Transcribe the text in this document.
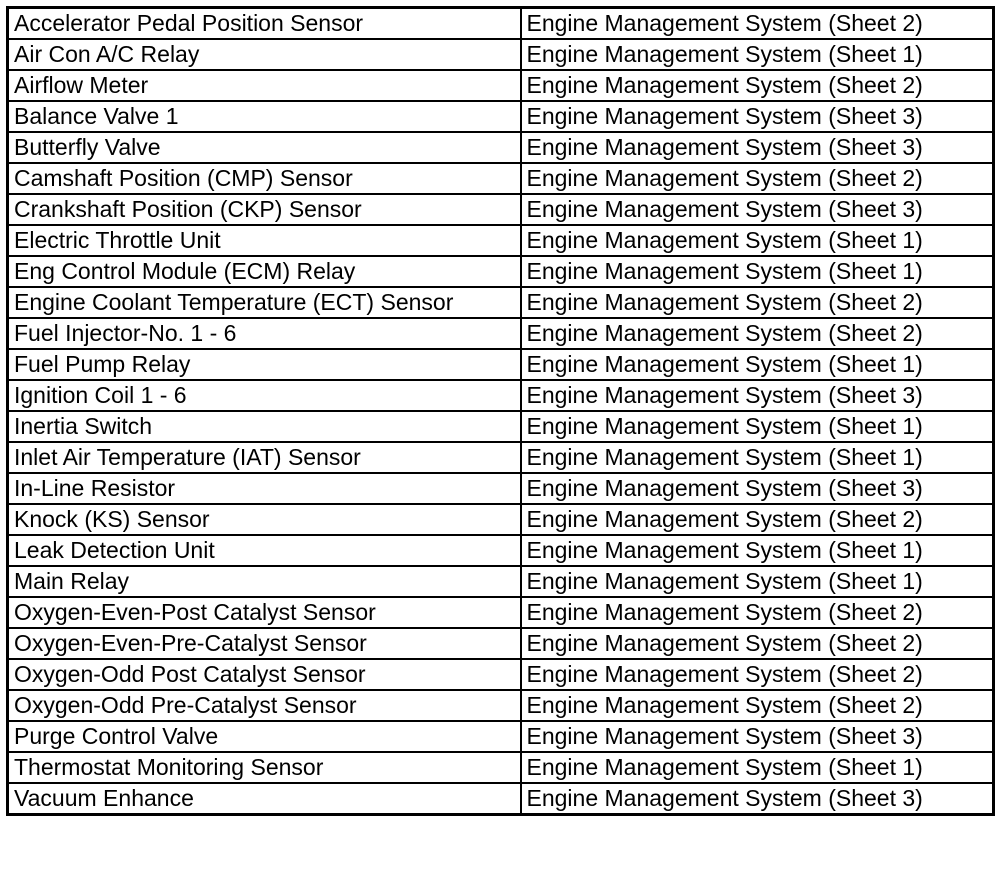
Accelerator Pedal Position Sensor	Engine Management System (Sheet 2)
Air Con A/C Relay	Engine Management System (Sheet 1)
Airflow Meter	Engine Management System (Sheet 2)
Balance Valve 1	Engine Management System (Sheet 3)
Butterfly Valve	Engine Management System (Sheet 3)
Camshaft Position (CMP) Sensor	Engine Management System (Sheet 2)
Crankshaft Position (CKP) Sensor	Engine Management System (Sheet 3)
Electric Throttle Unit	Engine Management System (Sheet 1)
Eng Control Module (ECM) Relay	Engine Management System (Sheet 1)
Engine Coolant Temperature (ECT) Sensor	Engine Management System (Sheet 2)
Fuel Injector-No. 1 - 6	Engine Management System (Sheet 2)
Fuel Pump Relay	Engine Management System (Sheet 1)
Ignition Coil 1 - 6	Engine Management System (Sheet 3)
Inertia Switch	Engine Management System (Sheet 1)
Inlet Air Temperature (IAT) Sensor	Engine Management System (Sheet 1)
In-Line Resistor	Engine Management System (Sheet 3)
Knock (KS) Sensor	Engine Management System (Sheet 2)
Leak Detection Unit	Engine Management System (Sheet 1)
Main Relay	Engine Management System (Sheet 1)
Oxygen-Even-Post Catalyst Sensor	Engine Management System (Sheet 2)
Oxygen-Even-Pre-Catalyst Sensor	Engine Management System (Sheet 2)
Oxygen-Odd Post Catalyst Sensor	Engine Management System (Sheet 2)
Oxygen-Odd Pre-Catalyst Sensor	Engine Management System (Sheet 2)
Purge Control Valve	Engine Management System (Sheet 3)
Thermostat Monitoring Sensor	Engine Management System (Sheet 1)
Vacuum Enhance	Engine Management System (Sheet 3)
